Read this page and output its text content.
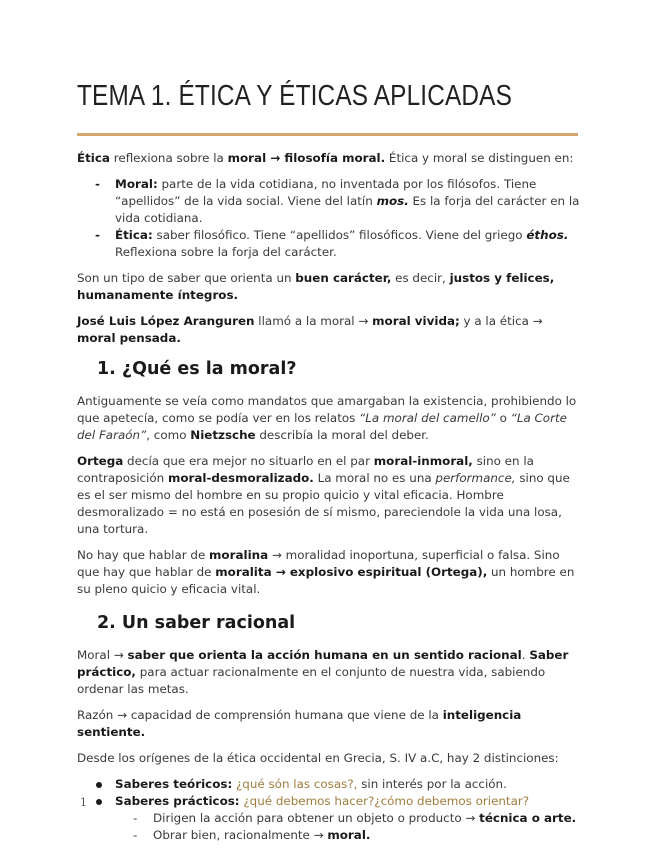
TEMA 1. ÉTICA Y ÉTICAS APLICADAS

Ética reflexiona sobre la moral → filosofía moral. Ética y moral se distinguen en:

- Moral: parte de la vida cotidiana, no inventada por los filósofos. Tiene “apellidos” de la vida social. Viene del latín mos. Es la forja del carácter en la vida cotidiana.
- Ética: saber filosófico. Tiene “apellidos” filosóficos. Viene del griego éthos. Reflexiona sobre la forja del carácter.

Son un tipo de saber que orienta un buen carácter, es decir, justos y felices, humanamente íntegros.

José Luis López Aranguren llamó a la moral → moral vivida; y a la ética → moral pensada.

1. ¿Qué es la moral?

Antiguamente se veía como mandatos que amargaban la existencia, prohibiendo lo que apetecía, como se podía ver en los relatos “La moral del camello” o “La Corte del Faraón”, como Nietzsche describía la moral del deber.

Ortega decía que era mejor no situarlo en el par moral-inmoral, sino en la contraposición moral-desmoralizado. La moral no es una performance, sino que es el ser mismo del hombre en su propio quicio y vital eficacia. Hombre desmoralizado = no está en posesión de sí mismo, pareciendole la vida una losa, una tortura.

No hay que hablar de moralina → moralidad inoportuna, superficial o falsa. Sino que hay que hablar de moralita → explosivo espiritual (Ortega), un hombre en su pleno quicio y eficacia vital.

2. Un saber racional

Moral → saber que orienta la acción humana en un sentido racional. Saber práctico, para actuar racionalmente en el conjunto de nuestra vida, sabiendo ordenar las metas.

Razón → capacidad de comprensión humana que viene de la inteligencia sentiente.

Desde los orígenes de la ética occidental en Grecia, S. IV a.C, hay 2 distinciones:

Saberes teóricos: ¿qué són las cosas?, sin interés por la acción.
Saberes prácticos: ¿qué debemos hacer?¿cómo debemos orientar?
- Dirigen la acción para obtener un objeto o producto → técnica o arte.
- Obrar bien, racionalmente → moral.
1
